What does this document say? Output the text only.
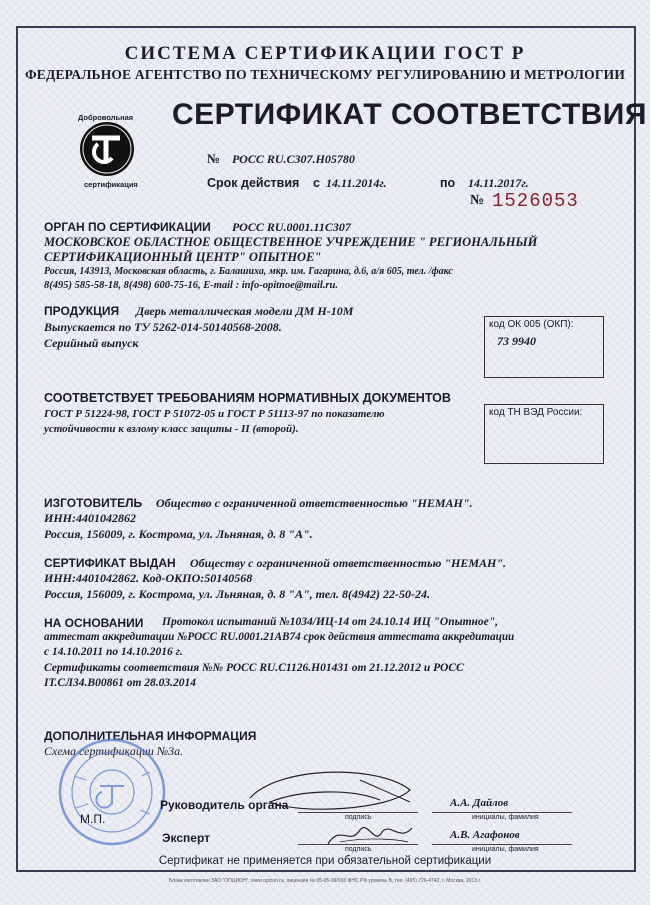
СИСТЕМА СЕРТИФИКАЦИИ ГОСТ Р
ФЕДЕРАЛЬНОЕ АГЕНТСТВО ПО ТЕХНИЧЕСКОМУ РЕГУЛИРОВАНИЮ И МЕТРОЛОГИИ
Добровольная
сертификация
СЕРТИФИКАТ СООТВЕТСТВИЯ
№ РОСС RU.С307.Н05780
Срок действия с 14.11.2014г.	по 14.11.2017г.
№ 1526053
ОРГАН ПО СЕРТИФИКАЦИИ РОСС RU.0001.11С307
МОСКОВСКОЕ ОБЛАСТНОЕ ОБЩЕСТВЕННОЕ УЧРЕЖДЕНИЕ " РЕГИОНАЛЬНЫЙ
СЕРТИФИКАЦИОННЫЙ ЦЕНТР" ОПЫТНОЕ"
Россия, 143913, Московская область, г. Балашиха, мкр. им. Гагарина, д.6, а/я 605, тел. /факс
8(495) 585-58-18, 8(498) 600-75-16, E-mail : info-opitnoe@mail.ru.
ПРОДУКЦИЯ Дверь металлическая модели ДМ Н-10М
Выпускается по ТУ 5262-014-50140568-2008.
Серийный выпуск
код ОК 005 (ОКП):
73 9940
СООТВЕТСТВУЕТ ТРЕБОВАНИЯМ НОРМАТИВНЫХ ДОКУМЕНТОВ
ГОСТ Р 51224-98, ГОСТ Р 51072-05 и ГОСТ Р 51113-97 по показателю
устойчивости к взлому класс защиты - II (второй).
код ТН ВЭД России:
ИЗГОТОВИТЕЛЬ Общество с ограниченной ответственностью "НЕМАН".
ИНН:4401042862
Россия, 156009, г. Кострома, ул. Льняная, д. 8 "А".
СЕРТИФИКАТ ВЫДАН Обществу с ограниченной ответственностью "НЕМАН".
ИНН:4401042862. Код-ОКПО:50140568
Россия, 156009, г. Кострома, ул. Льняная, д. 8 "А", тел. 8(4942) 22-50-24.
НА ОСНОВАНИИ Протокол испытаний №1034/ИЦ-14 от 24.10.14 ИЦ "Опытное",
аттестат аккредитации №РОСС RU.0001.21АВ74 срок действия аттестата аккредитации
с 14.10.2011 по 14.10.2016 г.
Сертификаты соответствия №№ РОСС RU.С1126.Н01431 от 21.12.2012 и РОСС
IT.СЛ34.В00861 от 28.03.2014
ДОПОЛНИТЕЛЬНАЯ ИНФОРМАЦИЯ
Схема сертификации №3а.
М.П.
Руководитель органа
подпись
А.А. Дайлов
инициалы, фамилия
Эксперт
подпись
А.В. Агафонов
инициалы, фамилия
Сертификат не применяется при обязательной сертификации
Бланк изготовлен ЗАО "ОПЦИОН", www.opcion.ru, лицензия № 05-05-09/003 ФНС РФ уровень В, тел. (495) 726-4742, г. Москва, 2013 г.
